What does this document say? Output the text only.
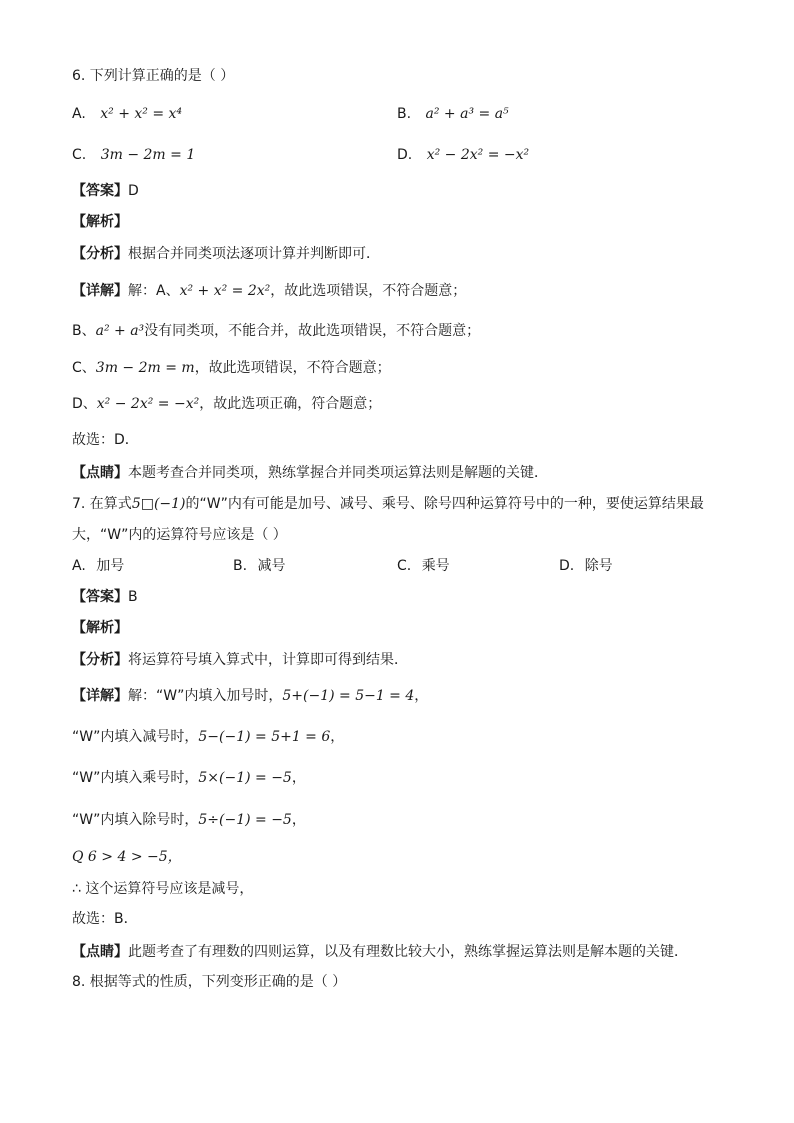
6. 下列计算正确的是（ ）
A. x² + x² = x⁴	B. a² + a³ = a⁵
C. 3m − 2m = 1	D. x² − 2x² = −x²
【答案】D
【解析】
【分析】根据合并同类项法逐项计算并判断即可．
【详解】解：A、x² + x² = 2x²，故此选项错误，不符合题意；
B、a² + a³没有同类项，不能合并，故此选项错误，不符合题意；
C、3m − 2m = m，故此选项错误，不符合题意；
D、x² − 2x² = −x²，故此选项正确，符合题意；
故选：D．
【点睛】本题考查合并同类项，熟练掌握合并同类项运算法则是解题的关键．
7. 在算式5□(−1)的“W”内有可能是加号、减号、乘号、除号四种运算符号中的一种，要使运算结果最
大，“W”内的运算符号应该是（ ）
A. 加号	B. 减号	C. 乘号	D. 除号
【答案】B
【解析】
【分析】将运算符号填入算式中，计算即可得到结果．
【详解】解：“W”内填入加号时，5+(−1) = 5−1 = 4，
“W”内填入减号时，5−(−1) = 5+1 = 6，
“W”内填入乘号时，5×(−1) = −5，
“W”内填入除号时，5÷(−1) = −5，
Q 6 > 4 > −5，
∴ 这个运算符号应该是减号，
故选：B．
【点睛】此题考查了有理数的四则运算，以及有理数比较大小，熟练掌握运算法则是解本题的关键．
8. 根据等式的性质，下列变形正确的是（ ）
